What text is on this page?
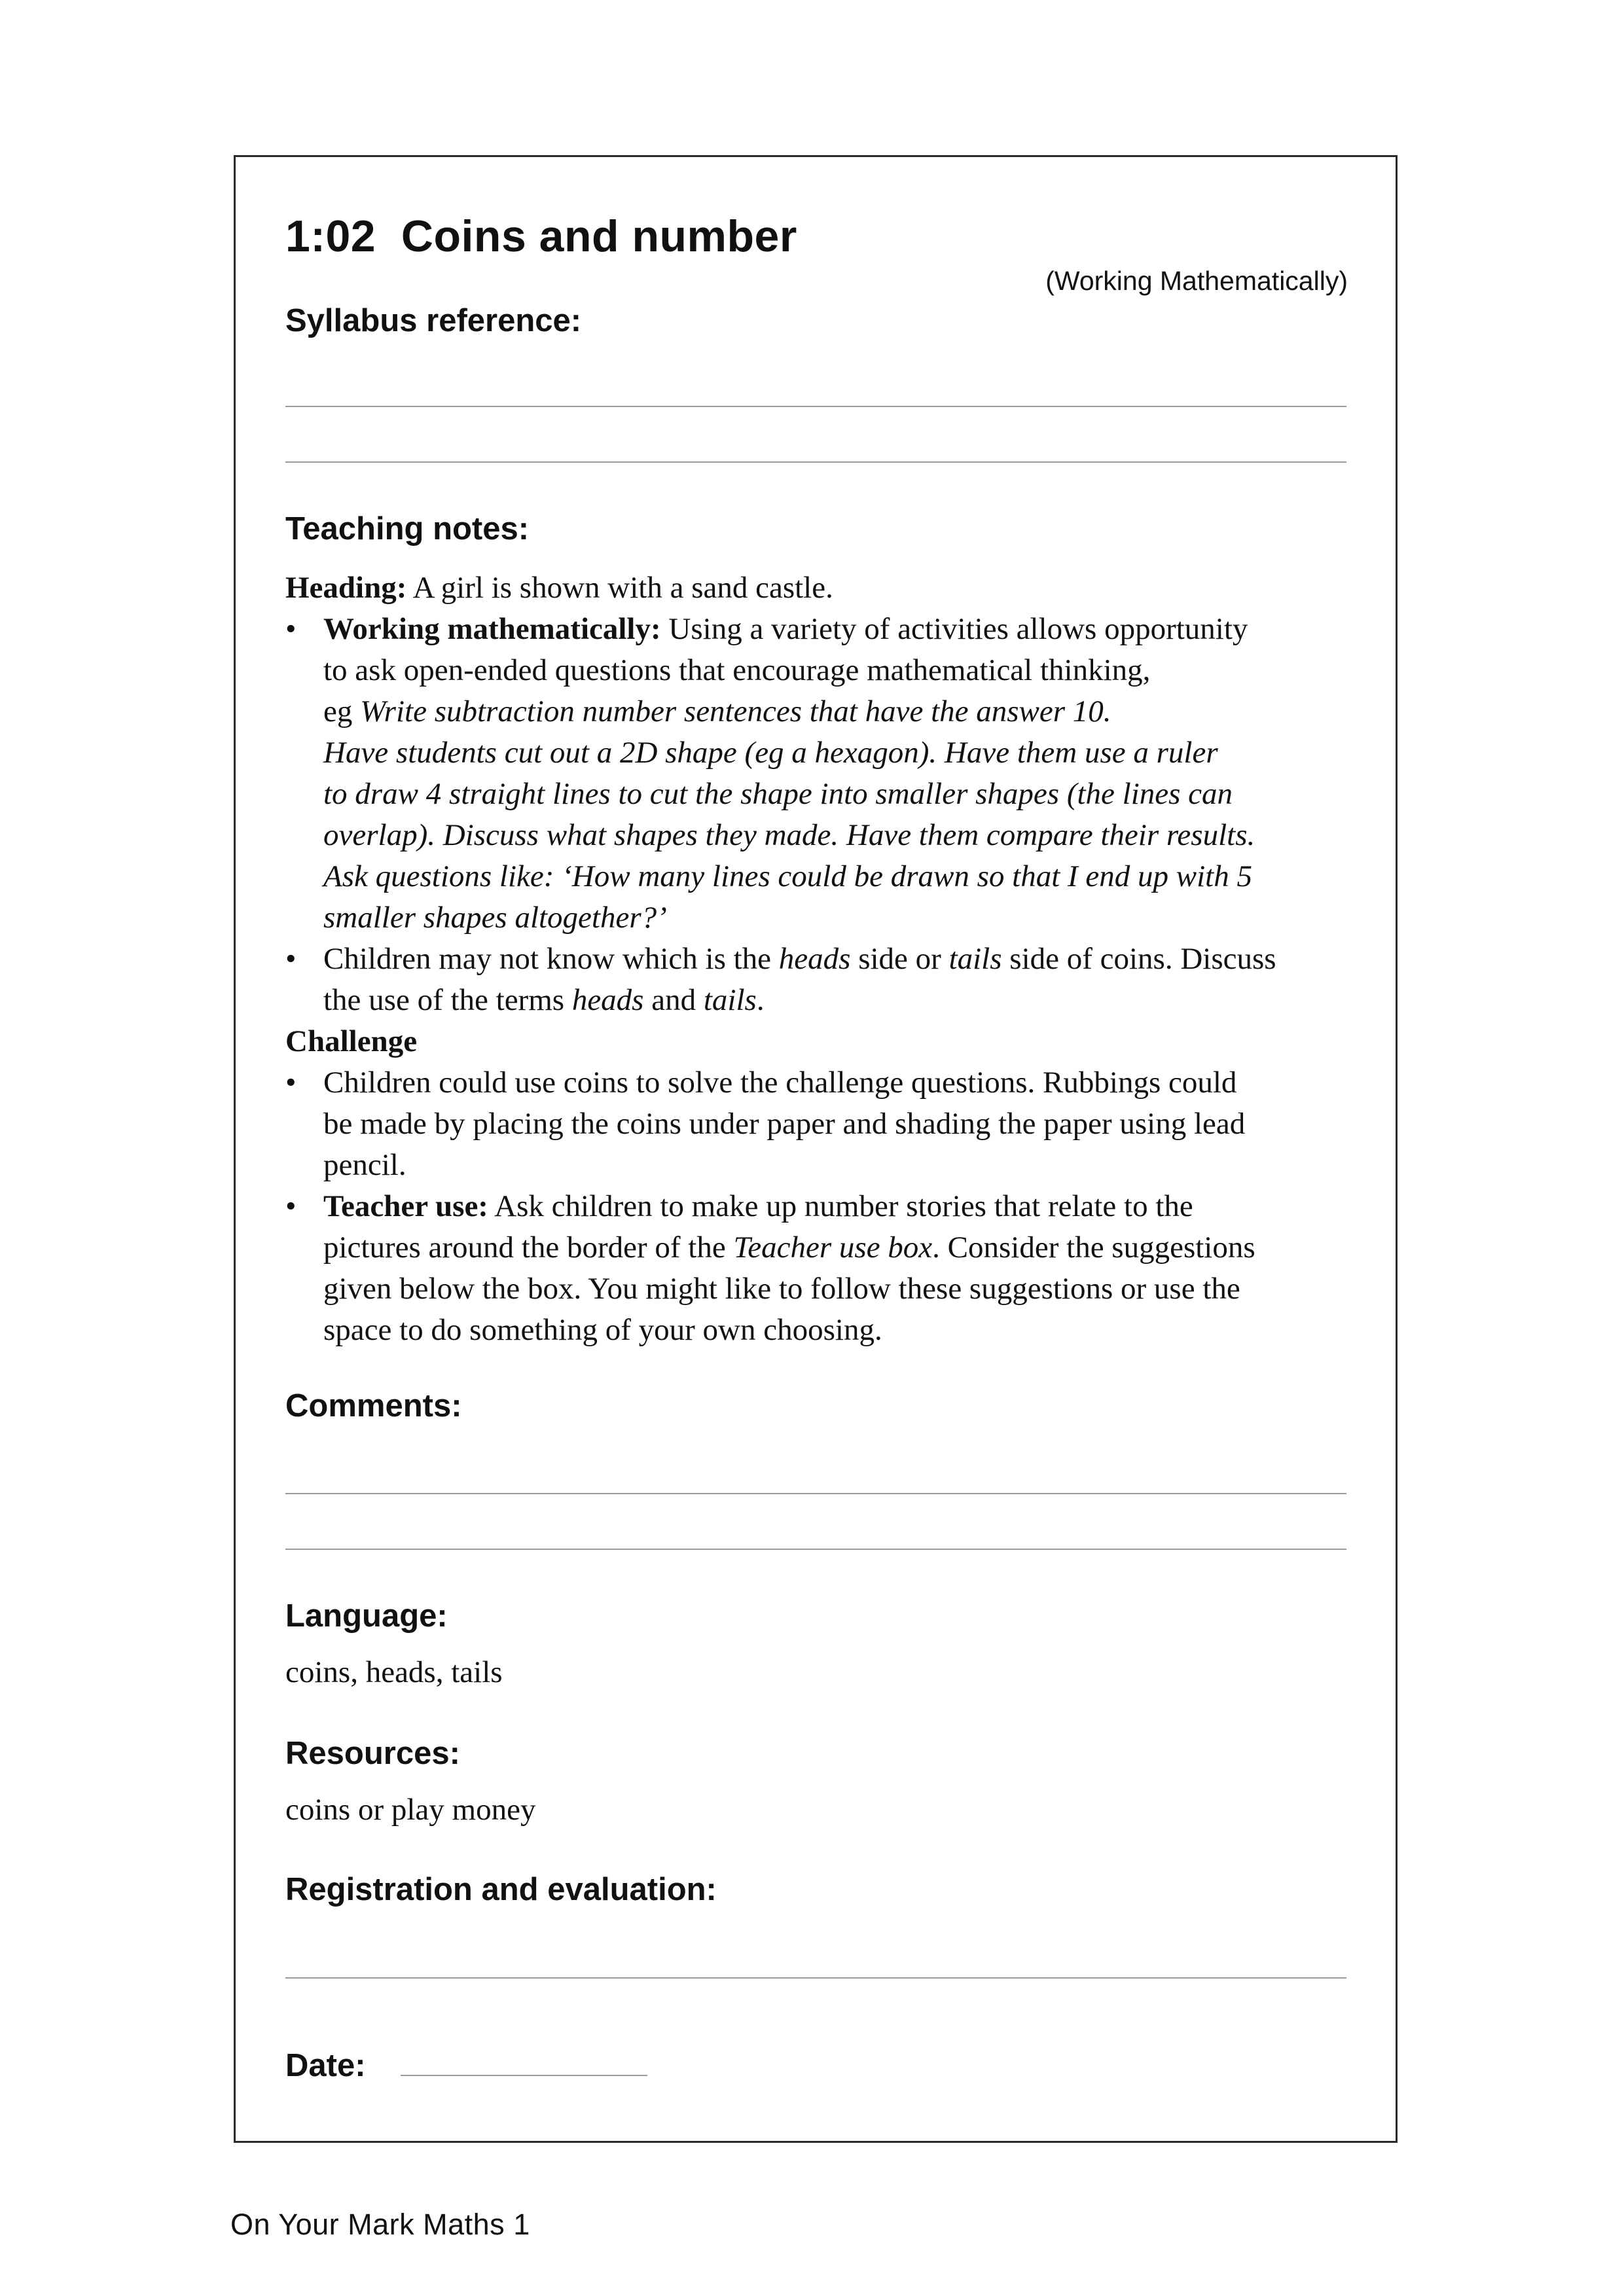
1:02  Coins and number
(Working Mathematically)
Syllabus reference:
Teaching notes:
Heading: A girl is shown with a sand castle.
• Working mathematically: Using a variety of activities allows opportunity
to ask open-ended questions that encourage mathematical thinking,
eg Write subtraction number sentences that have the answer 10.
Have students cut out a 2D shape (eg a hexagon). Have them use a ruler
to draw 4 straight lines to cut the shape into smaller shapes (the lines can
overlap). Discuss what shapes they made. Have them compare their results.
Ask questions like: ‘How many lines could be drawn so that I end up with 5
smaller shapes altogether?’
• Children may not know which is the heads side or tails side of coins. Discuss
the use of the terms heads and tails.
Challenge
• Children could use coins to solve the challenge questions. Rubbings could
be made by placing the coins under paper and shading the paper using lead
pencil.
• Teacher use: Ask children to make up number stories that relate to the
pictures around the border of the Teacher use box. Consider the suggestions
given below the box. You might like to follow these suggestions or use the
space to do something of your own choosing.
Comments:
Language:
coins, heads, tails
Resources:
coins or play money
Registration and evaluation:
Date:
On Your Mark Maths 1
